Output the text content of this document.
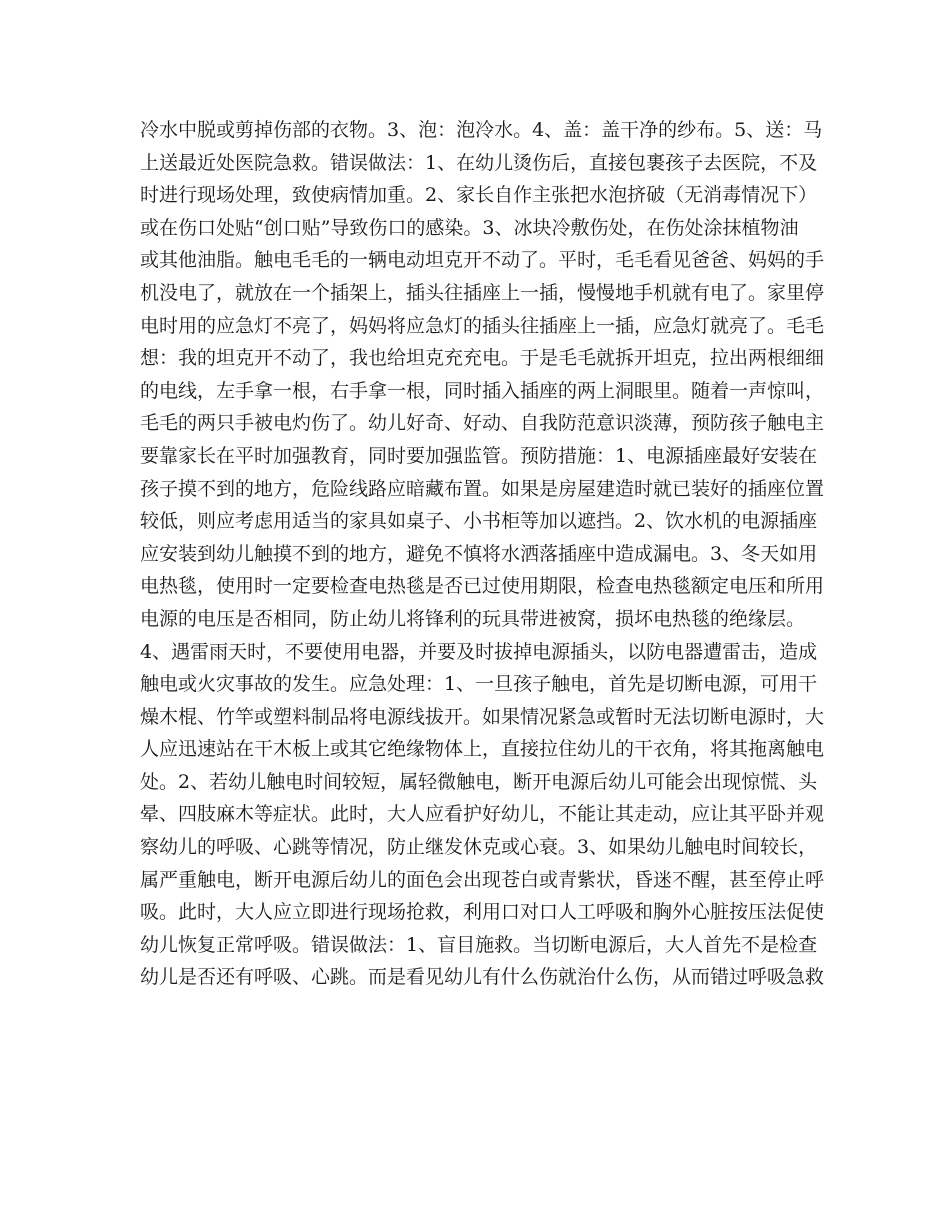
冷水中脱或剪掉伤部的衣物。3、泡：泡冷水。4、盖：盖干净的纱布。5、送：马
上送最近处医院急救。错误做法：1、在幼儿烫伤后，直接包裹孩子去医院，不及
时进行现场处理，致使病情加重。2、家长自作主张把水泡挤破（无消毒情况下）
或在伤口处贴“创口贴”导致伤口的感染。3、冰块冷敷伤处，在伤处涂抹植物油
或其他油脂。触电毛毛的一辆电动坦克开不动了。平时，毛毛看见爸爸、妈妈的手
机没电了，就放在一个插架上，插头往插座上一插，慢慢地手机就有电了。家里停
电时用的应急灯不亮了，妈妈将应急灯的插头往插座上一插，应急灯就亮了。毛毛
想：我的坦克开不动了，我也给坦克充充电。于是毛毛就拆开坦克，拉出两根细细
的电线，左手拿一根，右手拿一根，同时插入插座的两上洞眼里。随着一声惊叫，
毛毛的两只手被电灼伤了。幼儿好奇、好动、自我防范意识淡薄，预防孩子触电主
要靠家长在平时加强教育，同时要加强监管。预防措施：1、电源插座最好安装在
孩子摸不到的地方，危险线路应暗藏布置。如果是房屋建造时就已装好的插座位置
较低，则应考虑用适当的家具如桌子、小书柜等加以遮挡。2、饮水机的电源插座
应安装到幼儿触摸不到的地方，避免不慎将水洒落插座中造成漏电。3、冬天如用
电热毯，使用时一定要检查电热毯是否已过使用期限，检查电热毯额定电压和所用
电源的电压是否相同，防止幼儿将锋利的玩具带进被窝，损坏电热毯的绝缘层。
4、遇雷雨天时，不要使用电器，并要及时拔掉电源插头，以防电器遭雷击，造成
触电或火灾事故的发生。应急处理：1、一旦孩子触电，首先是切断电源，可用干
燥木棍、竹竿或塑料制品将电源线拔开。如果情况紧急或暂时无法切断电源时，大
人应迅速站在干木板上或其它绝缘物体上，直接拉住幼儿的干衣角，将其拖离触电
处。2、若幼儿触电时间较短，属轻微触电，断开电源后幼儿可能会出现惊慌、头
晕、四肢麻木等症状。此时，大人应看护好幼儿，不能让其走动，应让其平卧并观
察幼儿的呼吸、心跳等情况，防止继发休克或心衰。3、如果幼儿触电时间较长，
属严重触电，断开电源后幼儿的面色会出现苍白或青紫状，昏迷不醒，甚至停止呼
吸。此时，大人应立即进行现场抢救，利用口对口人工呼吸和胸外心脏按压法促使
幼儿恢复正常呼吸。错误做法：1、盲目施救。当切断电源后，大人首先不是检查
幼儿是否还有呼吸、心跳。而是看见幼儿有什么伤就治什么伤，从而错过呼吸急救
